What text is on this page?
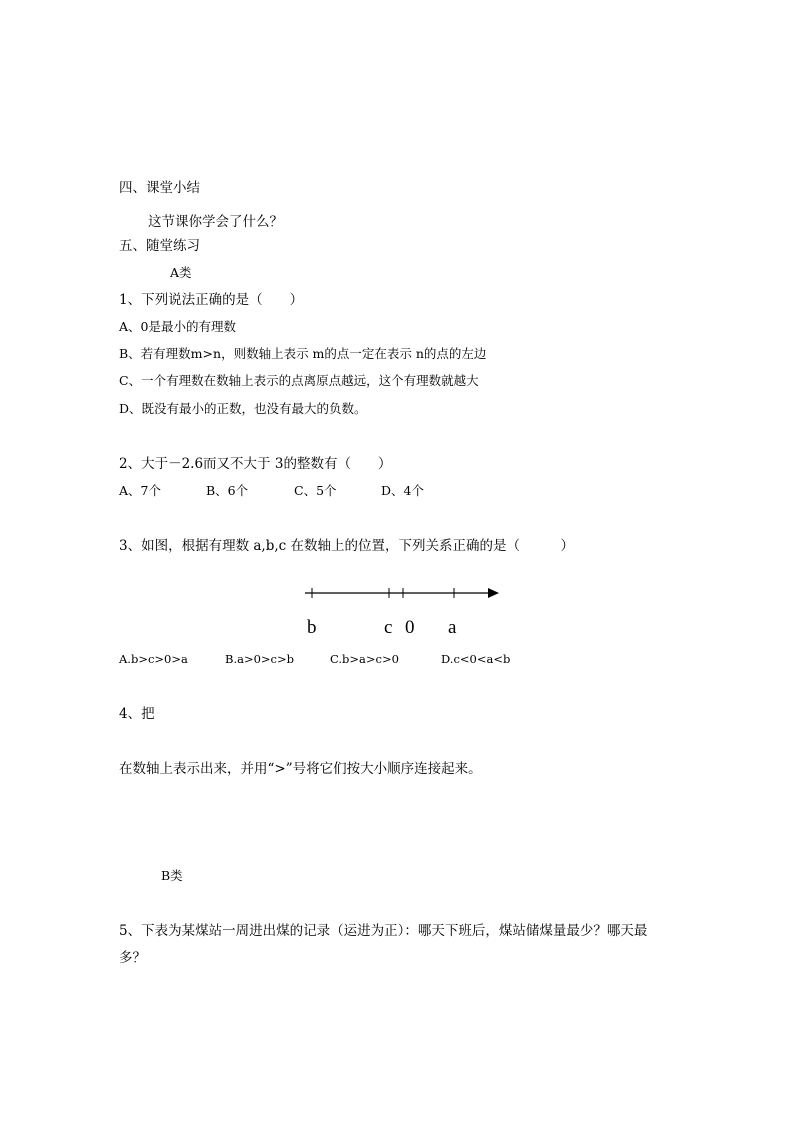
四、课堂小结
这节课你学会了什么？
五、随堂练习
A类
1、下列说法正确的是（　　）
A、0是最小的有理数
B、若有理数m>n，则数轴上表示 m的点一定在表示 n的点的左边
C、一个有理数在数轴上表示的点离原点越远，这个有理数就越大
D、既没有最小的正数，也没有最大的负数。
2、大于－2.6而又不大于 3的整数有（　　）
A、7个	B、6个	C、5个	D、4个
3、如图，根据有理数 a,b,c 在数轴上的位置，下列关系正确的是（　　　）
b	c 0 a
A.b>c>0>a	B.a>0>c>b	C.b>a>c>0	D.c<0<a<b
4、把
在数轴上表示出来，并用“>”号将它们按大小顺序连接起来。
B类
5、下表为某煤站一周进出煤的记录（运进为正）：哪天下班后，煤站储煤量最少？哪天最
多？
